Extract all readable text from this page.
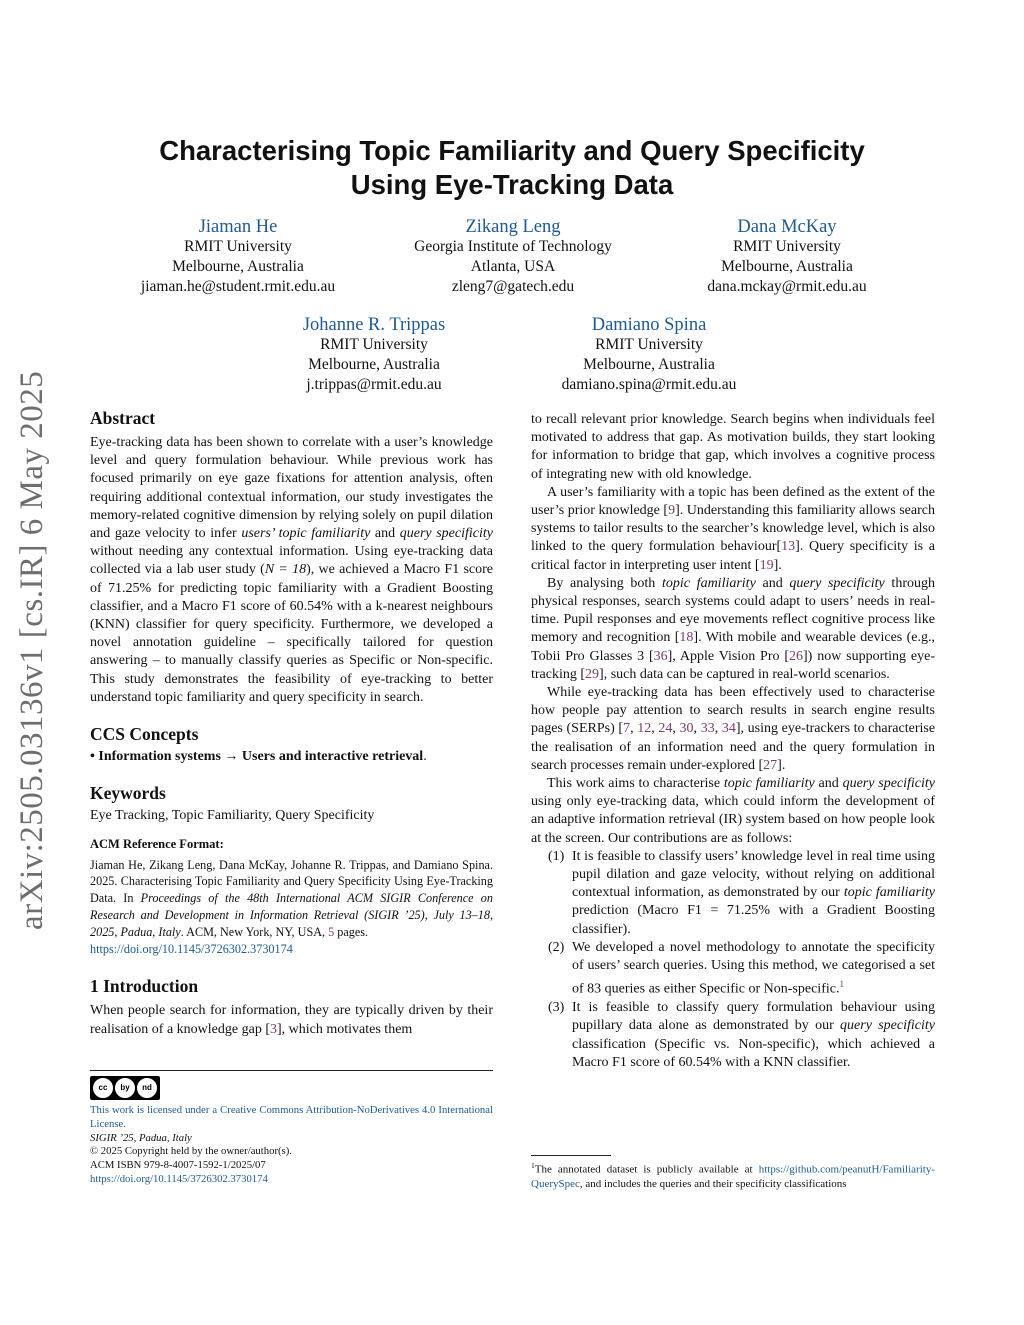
arXiv:2505.03136v1 [cs.IR] 6 May 2025
Characterising Topic Familiarity and Query Specificity
Using Eye-Tracking Data
Jiaman He
RMIT University
Melbourne, Australia
jiaman.he@student.rmit.edu.au
Zikang Leng
Georgia Institute of Technology
Atlanta, USA
zleng7@gatech.edu
Dana McKay
RMIT University
Melbourne, Australia
dana.mckay@rmit.edu.au
Johanne R. Trippas
RMIT University
Melbourne, Australia
j.trippas@rmit.edu.au
Damiano Spina
RMIT University
Melbourne, Australia
damiano.spina@rmit.edu.au
Abstract

Eye-tracking data has been shown to correlate with a user’s knowledge level and query formulation behaviour. While previous work has focused primarily on eye gaze fixations for attention analysis, often requiring additional contextual information, our study investigates the memory-related cognitive dimension by relying solely on pupil dilation and gaze velocity to infer users’ topic familiarity and query specificity without needing any contextual information. Using eye-tracking data collected via a lab user study (N = 18), we achieved a Macro F1 score of 71.25% for predicting topic familiarity with a Gradient Boosting classifier, and a Macro F1 score of 60.54% with a k-nearest neighbours (KNN) classifier for query specificity. Furthermore, we developed a novel annotation guideline – specifically tailored for question answering – to manually classify queries as Specific or Non-specific. This study demonstrates the feasibility of eye-tracking to better understand topic familiarity and query specificity in search.

CCS Concepts

• Information systems → Users and interactive retrieval.

Keywords

Eye Tracking, Topic Familiarity, Query Specificity

ACM Reference Format:

Jiaman He, Zikang Leng, Dana McKay, Johanne R. Trippas, and Damiano Spina. 2025. Characterising Topic Familiarity and Query Specificity Using Eye-Tracking Data. In Proceedings of the 48th International ACM SIGIR Conference on Research and Development in Information Retrieval (SIGIR ’25), July 13–18, 2025, Padua, Italy. ACM, New York, NY, USA, 5 pages.
https://doi.org/10.1145/3726302.3730174

1 Introduction

When people search for information, they are typically driven by their realisation of a knowledge gap [3], which motivates them

cc	by	nd
This work is licensed under a Creative Commons Attribution-NoDerivatives 4.0 International License.
SIGIR ’25, Padua, Italy
© 2025 Copyright held by the owner/author(s).
ACM ISBN 979-8-4007-1592-1/2025/07
https://doi.org/10.1145/3726302.3730174

to recall relevant prior knowledge. Search begins when individuals feel motivated to address that gap. As motivation builds, they start looking for information to bridge that gap, which involves a cognitive process of integrating new with old knowledge.

A user’s familiarity with a topic has been defined as the extent of the user’s prior knowledge [9]. Understanding this familiarity allows search systems to tailor results to the searcher’s knowledge level, which is also linked to the query formulation behaviour[13]. Query specificity is a critical factor in interpreting user intent [19].

By analysing both topic familiarity and query specificity through physical responses, search systems could adapt to users’ needs in real-time. Pupil responses and eye movements reflect cognitive process like memory and recognition [18]. With mobile and wearable devices (e.g., Tobii Pro Glasses 3 [36], Apple Vision Pro [26]) now supporting eye-tracking [29], such data can be captured in real-world scenarios.

While eye-tracking data has been effectively used to characterise how people pay attention to search results in search engine results pages (SERPs) [7, 12, 24, 30, 33, 34], using eye-trackers to characterise the realisation of an information need and the query formulation in search processes remain under-explored [27].

This work aims to characterise topic familiarity and query specificity using only eye-tracking data, which could inform the development of an adaptive information retrieval (IR) system based on how people look at the screen. Our contributions are as follows:

(1) It is feasible to classify users’ knowledge level in real time using pupil dilation and gaze velocity, without relying on additional contextual information, as demonstrated by our topic familiarity prediction (Macro F1 = 71.25% with a Gradient Boosting classifier).
(2) We developed a novel methodology to annotate the specificity of users’ search queries. Using this method, we categorised a set of 83 queries as either Specific or Non-specific.$^1$
(3) It is feasible to classify query formulation behaviour using pupillary data alone as demonstrated by our query specificity classification (Specific vs. Non-specific), which achieved a Macro F1 score of 60.54% with a KNN classifier.
$^1$The annotated dataset is publicly available at https://github.com/peanutH/Familiarity-QuerySpec, and includes the queries and their specificity classifications
